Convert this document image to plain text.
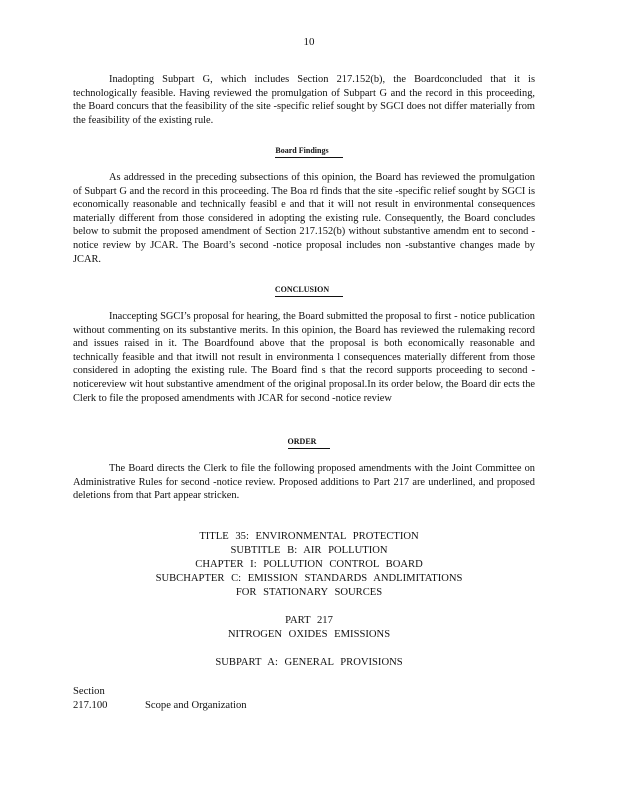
10

Inadopting Subpart G, which includes Section 217.152(b), the Boardconcluded that it is technologically feasible. Having reviewed the promulgation of Subpart G and the record in this proceeding, the Board concurs that the feasibility of the site -specific relief sought by SGCI does not differ materially from the feasibility of the existing rule.

Board Findings

As addressed in the preceding subsections of this opinion, the Board has reviewed the promulgation of Subpart G and the record in this proceeding. The Boa rd finds that the site -specific relief sought by SGCI is economically reasonable and technically feasibl e and that it will not result in environmental consequences materially different from those considered in adopting the existing rule. Consequently, the Board concludes below to submit the proposed amendment of Section 217.152(b) without substantive amendm ent to second -notice review by JCAR. The Board’s second -notice proposal includes non -substantive changes made by JCAR.

CONCLUSION

Inaccepting SGCI’s proposal for hearing, the Board submitted the proposal to first - notice publication without commenting on its substantive merits. In this opinion, the Board has reviewed the rulemaking record and issues raised in it. The Boardfound above that the proposal is both economically reasonable and technically feasible and that itwill not result in environmenta l consequences materially different from those considered in adopting the existing rule. The Board find s that the record supports proceeding to second -noticereview wit hout substantive amendment of the original proposal.In its order below, the Board dir ects the Clerk to file the proposed amendments with JCAR for second -notice review

ORDER

The Board directs the Clerk to file the following proposed amendments with the Joint Committee on Administrative Rules for second -notice review. Proposed additions to Part 217 are underlined, and proposed deletions from that Part appear stricken.

TITLE 35: ENVIRONMENTAL PROTECTION
SUBTITLE B: AIR POLLUTION
CHAPTER I: POLLUTION CONTROL BOARD
SUBCHAPTER C: EMISSION STANDARDS ANDLIMITATIONS
FOR STATIONARY SOURCES
PART 217
NITROGEN OXIDES EMISSIONS
SUBPART A: GENERAL PROVISIONS
Section
217.100	Scope and Organization
